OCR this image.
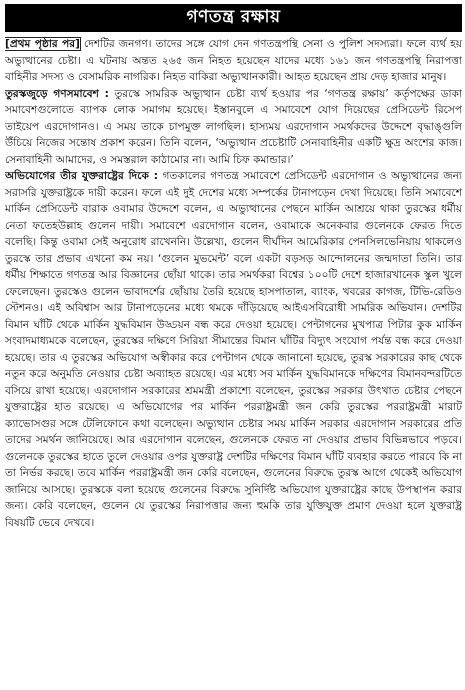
গণতন্ত্র রক্ষায়

[প্রথম পৃষ্ঠার পর] দেশটির জনগণ। তাদের সঙ্গে যোগ দেন গণতন্ত্রপন্থি সেনা ও পুলিশ সদস্যরা। ফলে ব্যর্থ হয় অভ্যুত্থানের চেষ্টা। এ ঘটনায় অন্তত ২৬৫ জন নিহত হয়েছেন যাদের মধ্যে ১৬১ জন গণতন্ত্রপন্থি নিরাপত্তা বাহিনীর সদস্য ও বেসামরিক নাগরিক। নিহত বাকিরা অভ্যুত্থানকারী। আহত হয়েছেন প্রায় দেড় হাজার মানুষ।

তুরস্কজুড়ে গণসমাবেশ : তুরস্কে সামরিক অভ্যুত্থান চেষ্টা ব্যর্থ হওয়ার পর ‘গণতন্ত্র রক্ষায়’ কর্তৃপক্ষের ডাকা সমাবেশগুলোতে ব্যাপক লোক সমাগম হয়েছে। ইস্তানবুলে এ সমাবেশে যোগ দিয়েছের প্রেসিডেন্ট রিসেপ তাইয়েপ এরদোগানও। এ সময় তাকে চাপমুক্ত লাগছিল। হাস্যময় এরদোগান সমর্থকদের উদ্দেশে বৃদ্ধাঙ্গুলি উঁচিয়ে নিজের সন্তোষ প্রকাশ করেন। তিনি বলেন, ‘অভ্যুত্থান প্রচেষ্টাটি সেনাবাহিনীর একটি ক্ষুদ্র অংশের কাজ। সেনাবাহিনী আমাদের, ও সমস্তরাল কাঠামোর না। আমি চিফ কমান্ডার।’

অভিযোগের তীর যুক্তরাষ্ট্রের দিকে : গতকালের গণতন্ত্র সমাবেশে প্রেসিডেন্ট এরদোগান ও অভ্যুত্থানের জন্য সরাসরি যুক্তরাষ্ট্রকে দায়ী করেন। ফলে এই দুই দেশের মধ্যে সম্পর্কের টানাপড়েন দেখা দিয়েছে। তিনি সমাবেশে মার্কিন প্রেসিডেন্ট বারাক ওবামার উদ্দেশে বলেন, এ অভ্যুত্থানের পেছনে মার্কিন আশ্রয়ে থাকা তুরস্কের ধর্মীয় নেতা ফতেহউল্লাহ গুলেন দায়ী। সমাবেশে এরদোগান বলেন, ওবামাকে অনেকবার গুলেনকে ফেরত দিতে বলেছি। কিন্তু ওবামা সেই অনুরোধ রাখেননি। উল্লেখ্য, গুলেন দীর্ঘদিন আমেরিকার পেনসিলভেনিয়ায় থাকলেও তুরস্কে তার প্রভাব এখনো কম নয়। ‘গুলেন মুভমেন্ট’ বলে একটা বড়সড় আন্দোলনের জন্মদাতা তিনি। তার ধর্মীয় শিক্ষাতে গণতন্ত্র আর বিজ্ঞানের ছোঁয়া থাকে। তার সমর্থকরা বিশ্বের ১০০টি দেশে হাজারখানেক স্কুল খুলে ফেলেছেন। তুরস্কেও গুলেন ভাবাদর্শের ছোঁয়ায় তৈরি হয়েছে হাসপাতাল, ব্যাংক, খবরের কাগজ, টিভি-রেডিও স্টেশনও। এই অবিশ্বাস আর টানাপড়েনের মধ্যে থমকে দাঁড়িয়েছে আইএসবিরোধী সামরিক অভিযান। দেশটির বিমান ঘাঁটি থেকে মার্কিন যুদ্ধবিমান উড্ডয়ন বন্ধ করে দেওয়া হয়েছে। পেন্টাগনের মুখপাত্র পিটার কুক মার্কিন সংবাদমাধ্যমকে বলেছেন, তুরস্কের দক্ষিণে সিরিয়া সীমান্তের বিমান ঘাঁটির বিদ্যুৎ সংযোগ পর্যন্ত বন্ধ করে দেওয়া হয়েছে। তার এ তুরস্কের অভিযোগ অস্বীকার করে পেন্টাগন থেকে জানানো হয়েছে, তুরস্ক সরকারের কাছ থেকে নতুন করে অনুমতি নেওয়ার চেষ্টা অব্যাহত রয়েছে। এর মধ্যে সব মার্কিন যুদ্ধবিমানকে দক্ষিণের বিমানবন্দরটিতে বসিয়ে রাখা হয়েছে। এরদোগান সরকারের শ্রমমন্ত্রী প্রকাশ্যে বলেছেন, তুরস্কের সরকার উৎখাত চেষ্টার পেছনে যুক্তরাষ্ট্রের হাত রয়েছে। এ অভিযোগের পর মার্কিন পররাষ্ট্রমন্ত্রী জন কেরি তুরস্কের পররাষ্ট্রমন্ত্রী মারাট ক্যাভোসগুর সঙ্গে টেলিফোনে কথা বলেছেন। অভ্যুত্থান চেষ্টার সময় মার্কিন সরকার এরদোগান সরকারের প্রতি তাদের সমর্থন জানিয়েছে। আর এরদোগান বলেছেন, গুলেনকে ফেরত না দেওয়ার প্রভাব বিভিন্নভাবে পড়বে। গুলেনকে তুরস্কের হাতে তুলে দেওয়ার ওপর যুক্তরাষ্ট্র দেশটির দক্ষিণের বিমান ঘাঁটি ব্যবহার করতে পারবে কি না তা নির্ভর করছে। তবে মার্কিন পররাষ্ট্রমন্ত্রী জন কেরি বলেছেন, গুলেনের বিরুদ্ধে তুরস্ক আগে থেকেই অভিযোগ জানিয়ে আসছে। তুরস্ককে বলা হয়েছে গুলেনের বিরুদ্ধে সুনির্দিষ্ট অভিযোগ যুক্তরাষ্ট্রের কাছে উপস্থাপন করার জন্য। কেরি বলেছেন, গুলেন যে তুরস্কের নিরাপত্তার জন্য হুমকি তার যুক্তিযুক্ত প্রমাণ দেওয়া হলে যুক্তরাষ্ট্র বিষয়টি ভেবে দেখবে।
